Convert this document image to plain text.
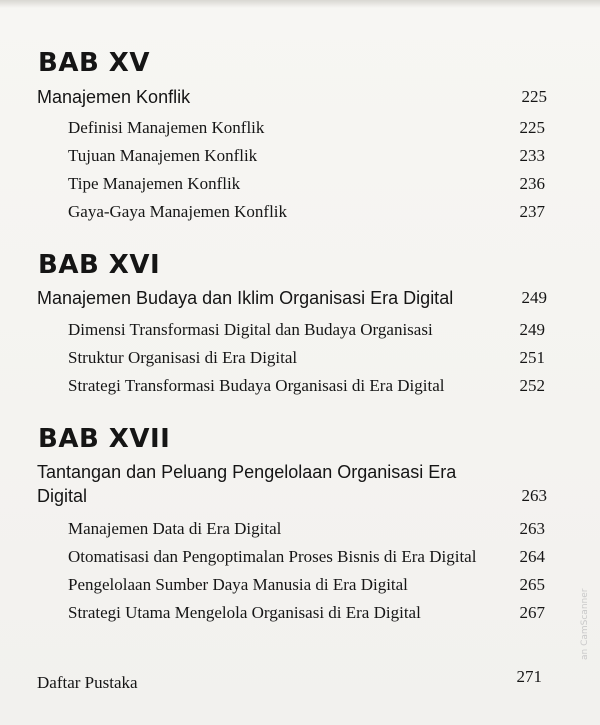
BAB XV
Manajemen Konflik	225
Definisi Manajemen Konflik	225
Tujuan Manajemen Konflik	233
Tipe Manajemen Konflik	236
Gaya-Gaya Manajemen Konflik	237
BAB XVI
Manajemen Budaya dan Iklim Organisasi Era Digital	249
Dimensi Transformasi Digital dan Budaya Organisasi	249
Struktur Organisasi di Era Digital	251
Strategi Transformasi Budaya Organisasi di Era Digital	252
BAB XVII
Tantangan dan Peluang Pengelolaan Organisasi Era Digital	263
Manajemen Data di Era Digital	263
Otomatisasi dan Pengoptimalan Proses Bisnis di Era Digital	264
Pengelolaan Sumber Daya Manusia di Era Digital	265
Strategi Utama Mengelola Organisasi di Era Digital	267
Daftar Pustaka	271
an CamScanner
